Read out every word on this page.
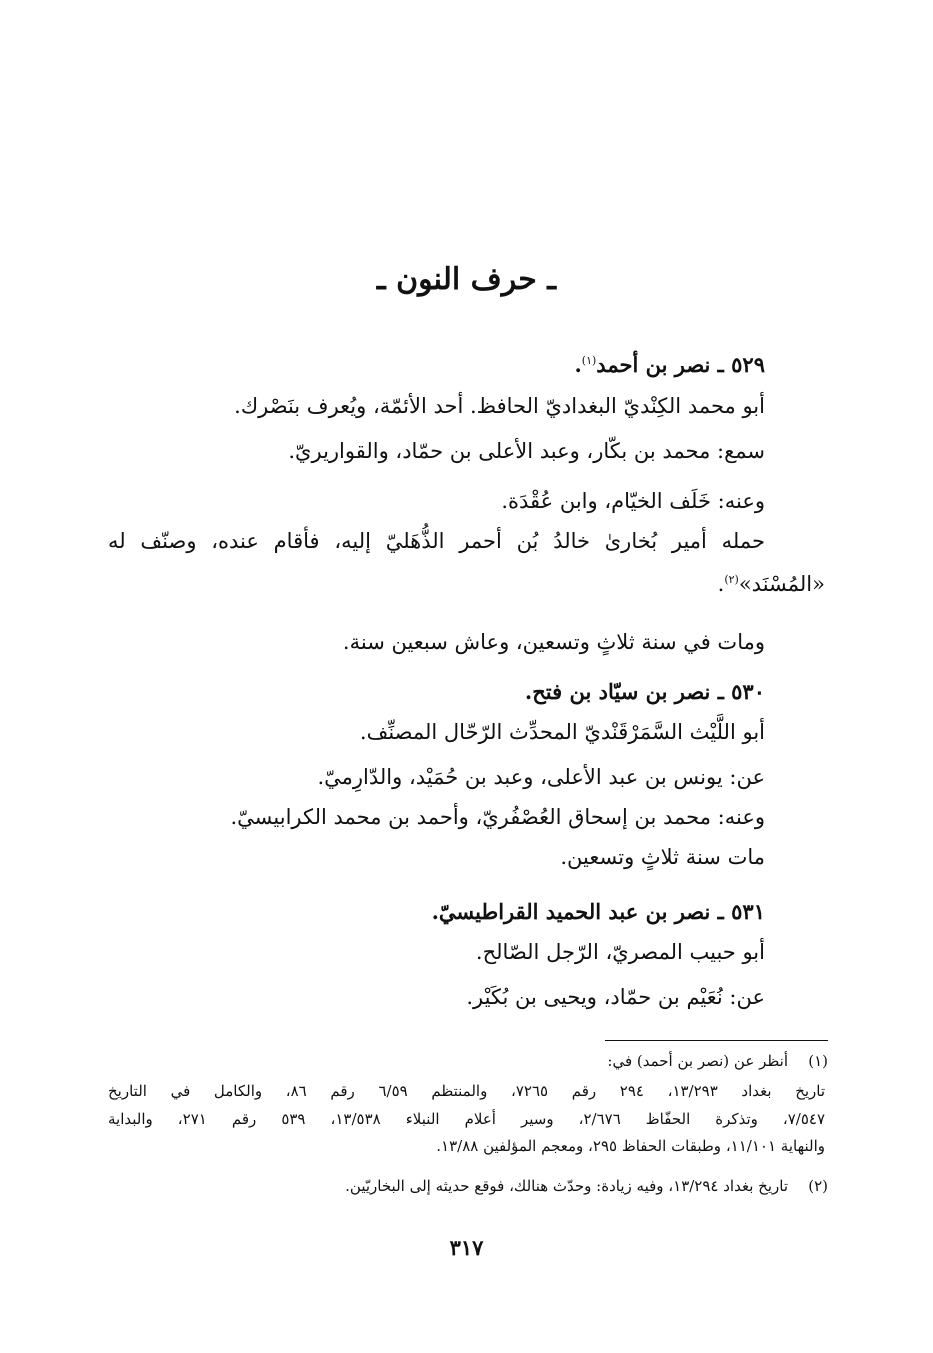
ـ حرف النون ـ

٥٢٩ ـ نصر بن أحمد$^{(١)}$.

أبو محمد الكِنْديّ البغداديّ الحافظ. أحد الأئمّة، ويُعرف بنَصْرك.

سمع: محمد بن بكّار، وعبد الأعلى بن حمّاد، والقواريريّ.

وعنه: خَلَف الخيّام، وابن عُقْدَة.

حمله أمير بُخارىٰ خالدُ بُن أحمر الذُّهَليّ إليه، فأقام عنده، وصنّف له

«المُسْنَد»$^{(٢)}$.

ومات في سنة ثلاثٍ وتسعين، وعاش سبعين سنة.

٥٣٠ ـ نصر بن سيّاد بن فتح.

أبو اللَّيْث السَّمَرْقَنْديّ المحدِّث الرّحّال المصنِّف.

عن: يونس بن عبد الأعلى، وعبد بن حُمَيْد، والدّارِميّ.

وعنه: محمد بن إسحاق العُصْفُريّ، وأحمد بن محمد الكرابيسيّ.

مات سنة ثلاثٍ وتسعين.

٥٣١ ـ نصر بن عبد الحميد القراطيسيّ.

أبو حبيب المصريّ، الرّجل الصّالح.

عن: نُعَيْم بن حمّاد، ويحيى بن بُكَيْر.

(١)أنظر عن (نصر بن أحمد) في:

تاريخ بغداد ١٣/٢٩٣، ٢٩٤ رقم ٧٢٦٥، والمنتظم ٦/٥٩ رقم ٨٦، والكامل في التاريخ

٧/٥٤٧، وتذكرة الحفّاظ ٢/٦٧٦، وسير أعلام النبلاء ١٣/٥٣٨، ٥٣٩ رقم ٢٧١، والبداية

والنهاية ١١/١٠١، وطبقات الحفاظ ٢٩٥، ومعجم المؤلفين ١٣/٨٨.

(٢)تاريخ بغداد ١٣/٢٩٤، وفيه زيادة: وحدّث هنالك، فوقع حديثه إلى البخاريّين.

٣١٧
